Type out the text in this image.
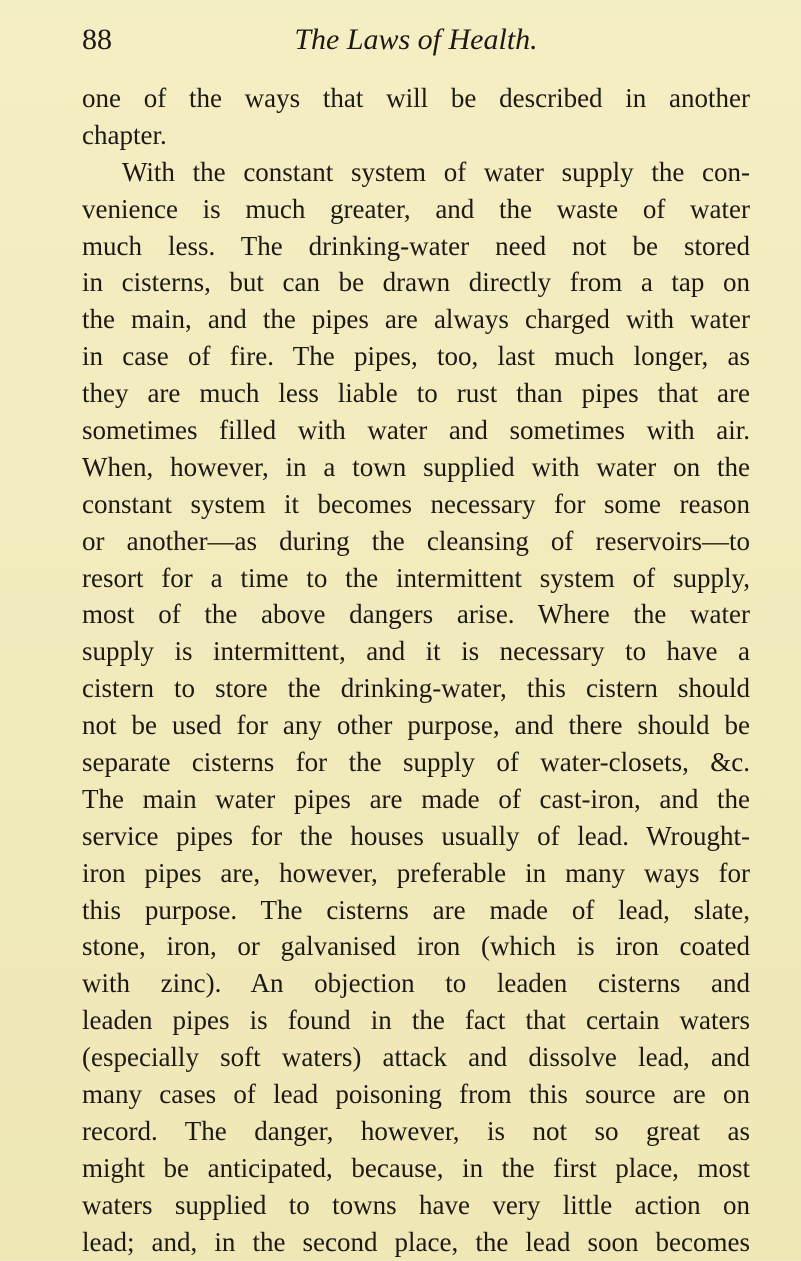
88	The Laws of Health.
one of the ways that will be described in another
chapter.
With the constant system of water supply the con-
venience is much greater, and the waste of water
much less. The drinking-water need not be stored
in cisterns, but can be drawn directly from a tap on
the main, and the pipes are always charged with water
in case of fire. The pipes, too, last much longer, as
they are much less liable to rust than pipes that are
sometimes filled with water and sometimes with air.
When, however, in a town supplied with water on the
constant system it becomes necessary for some reason
or another—as during the cleansing of reservoirs—to
resort for a time to the intermittent system of supply,
most of the above dangers arise. Where the water
supply is intermittent, and it is necessary to have a
cistern to store the drinking-water, this cistern should
not be used for any other purpose, and there should be
separate cisterns for the supply of water-closets, &c.
The main water pipes are made of cast-iron, and the
service pipes for the houses usually of lead. Wrought-
iron pipes are, however, preferable in many ways for
this purpose. The cisterns are made of lead, slate,
stone, iron, or galvanised iron (which is iron coated
with zinc). An objection to leaden cisterns and
leaden pipes is found in the fact that certain waters
(especially soft waters) attack and dissolve lead, and
many cases of lead poisoning from this source are on
record. The danger, however, is not so great as
might be anticipated, because, in the first place, most
waters supplied to towns have very little action on
lead; and, in the second place, the lead soon becomes
